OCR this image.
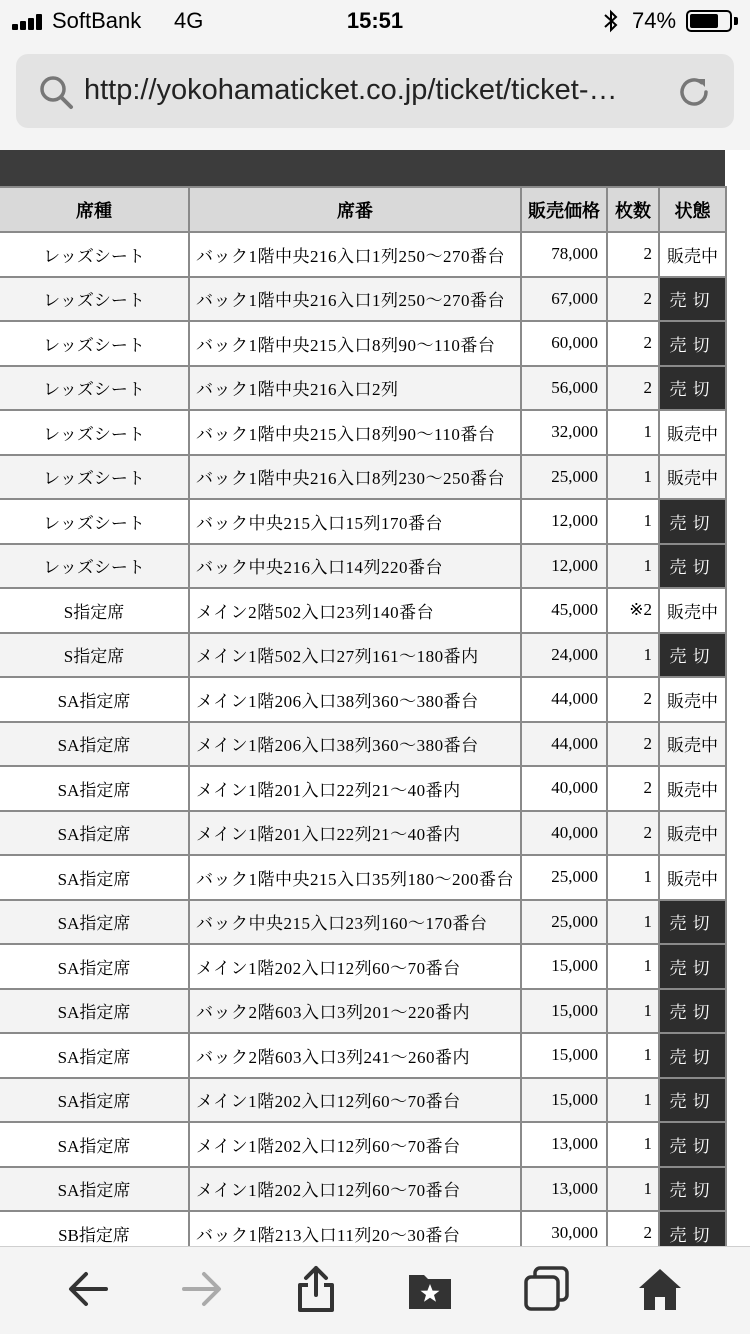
SoftBank 4G	15:51	74%
http://yokohamaticket.co.jp/ticket/ticket-…
席種	席番	販売価格	枚数	状態
レッズシート	バック1階中央216入口1列250～270番台	78,000	2	販売中
レッズシート	バック1階中央216入口1列250～270番台	67,000	2	売切
レッズシート	バック1階中央215入口8列90～110番台	60,000	2	売切
レッズシート	バック1階中央216入口2列	56,000	2	売切
レッズシート	バック1階中央215入口8列90～110番台	32,000	1	販売中
レッズシート	バック1階中央216入口8列230～250番台	25,000	1	販売中
レッズシート	バック中央215入口15列170番台	12,000	1	売切
レッズシート	バック中央216入口14列220番台	12,000	1	売切
S指定席	メイン2階502入口23列140番台	45,000	※2	販売中
S指定席	メイン1階502入口27列161～180番内	24,000	1	売切
SA指定席	メイン1階206入口38列360～380番台	44,000	2	販売中
SA指定席	メイン1階206入口38列360～380番台	44,000	2	販売中
SA指定席	メイン1階201入口22列21～40番内	40,000	2	販売中
SA指定席	メイン1階201入口22列21～40番内	40,000	2	販売中
SA指定席	バック1階中央215入口35列180～200番台	25,000	1	販売中
SA指定席	バック中央215入口23列160～170番台	25,000	1	売切
SA指定席	メイン1階202入口12列60～70番台	15,000	1	売切
SA指定席	バック2階603入口3列201～220番内	15,000	1	売切
SA指定席	バック2階603入口3列241～260番内	15,000	1	売切
SA指定席	メイン1階202入口12列60～70番台	15,000	1	売切
SA指定席	メイン1階202入口12列60～70番台	13,000	1	売切
SA指定席	メイン1階202入口12列60～70番台	13,000	1	売切
SB指定席	バック1階213入口11列20～30番台	30,000	2	売切
